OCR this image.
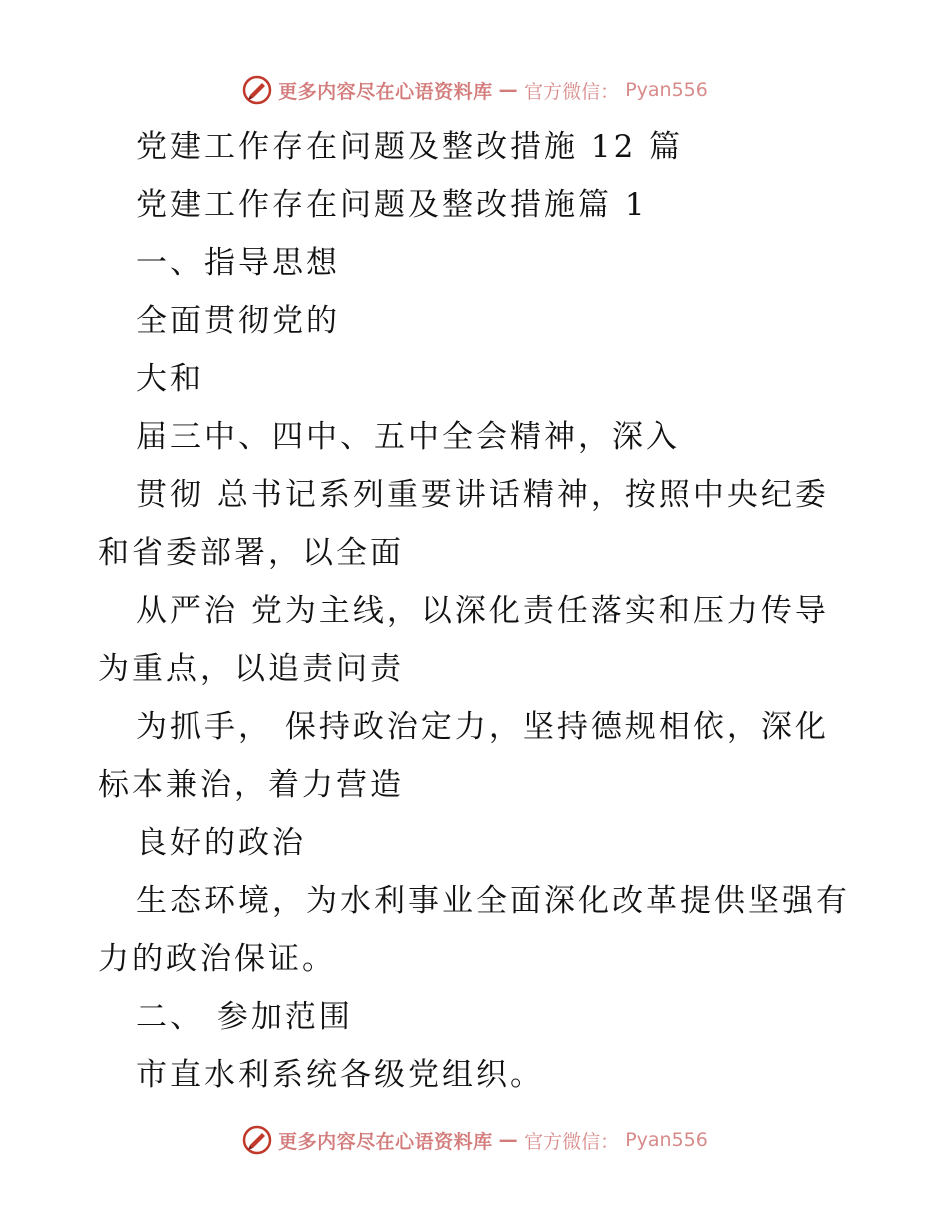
更多内容尽在心语资料库 — 官方微信： Pyan556
党建工作存在问题及整改措施 12 篇
党建工作存在问题及整改措施篇 1
一、指导思想
全面贯彻党的
大和
届三中、四中、五中全会精神，深入
贯彻 总书记系列重要讲话精神，按照中央纪委
和省委部署，以全面
从严治 党为主线，以深化责任落实和压力传导
为重点，以追责问责
为抓手， 保持政治定力，坚持德规相依，深化
标本兼治，着力营造
良好的政治
生态环境，为水利事业全面深化改革提供坚强有
力的政治保证。
二、 参加范围
市直水利系统各级党组织。
更多内容尽在心语资料库 — 官方微信： Pyan556
